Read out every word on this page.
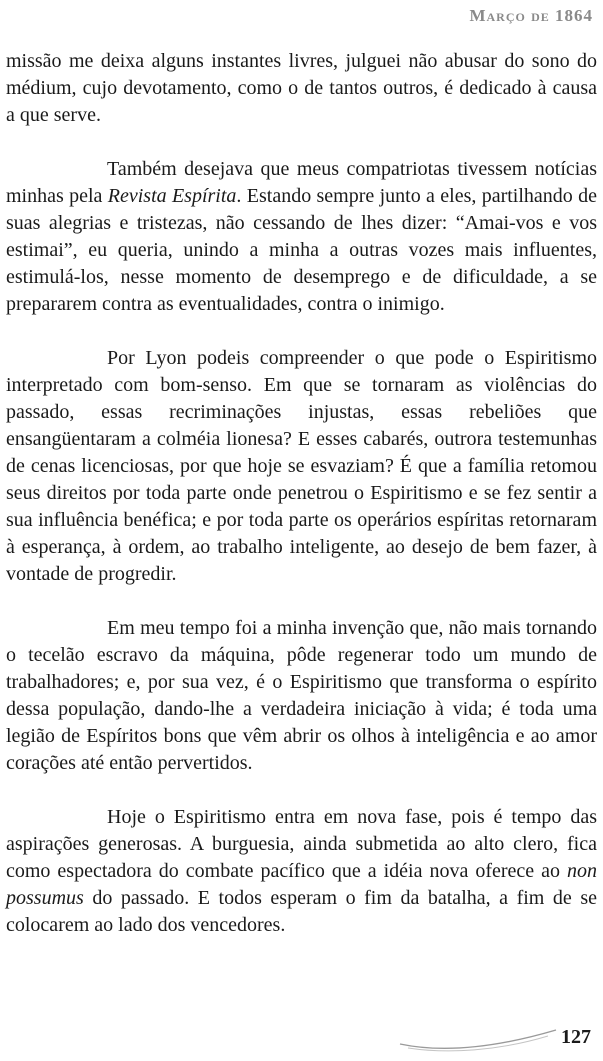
Março de 1864

missão me deixa alguns instantes livres, julguei não abusar do sono do médium, cujo devotamento, como o de tantos outros, é dedicado à causa a que serve.

Também desejava que meus compatriotas tivessem notícias minhas pela Revista Espírita. Estando sempre junto a eles, partilhando de suas alegrias e tristezas, não cessando de lhes dizer: “Amai-vos e vos estimai”, eu queria, unindo a minha a outras vozes mais influentes, estimulá-los, nesse momento de desemprego e de dificuldade, a se prepararem contra as eventualidades, contra o inimigo.

Por Lyon podeis compreender o que pode o Espiritismo interpretado com bom-senso. Em que se tornaram as violências do passado, essas recriminações injustas, essas rebeliões que ensangüentaram a colméia lionesa? E esses cabarés, outrora testemunhas de cenas licenciosas, por que hoje se esvaziam? É que a família retomou seus direitos por toda parte onde penetrou o Espiritismo e se fez sentir a sua influência benéfica; e por toda parte os operários espíritas retornaram à esperança, à ordem, ao trabalho inteligente, ao desejo de bem fazer, à vontade de progredir.

Em meu tempo foi a minha invenção que, não mais tornando o tecelão escravo da máquina, pôde regenerar todo um mundo de trabalhadores; e, por sua vez, é o Espiritismo que transforma o espírito dessa população, dando-lhe a verdadeira iniciação à vida; é toda uma legião de Espíritos bons que vêm abrir os olhos à inteligência e ao amor corações até então pervertidos.

Hoje o Espiritismo entra em nova fase, pois é tempo das aspirações generosas. A burguesia, ainda submetida ao alto clero, fica como espectadora do combate pacífico que a idéia nova oferece ao non possumus do passado. E todos esperam o fim da batalha, a fim de se colocarem ao lado dos vencedores.

127
